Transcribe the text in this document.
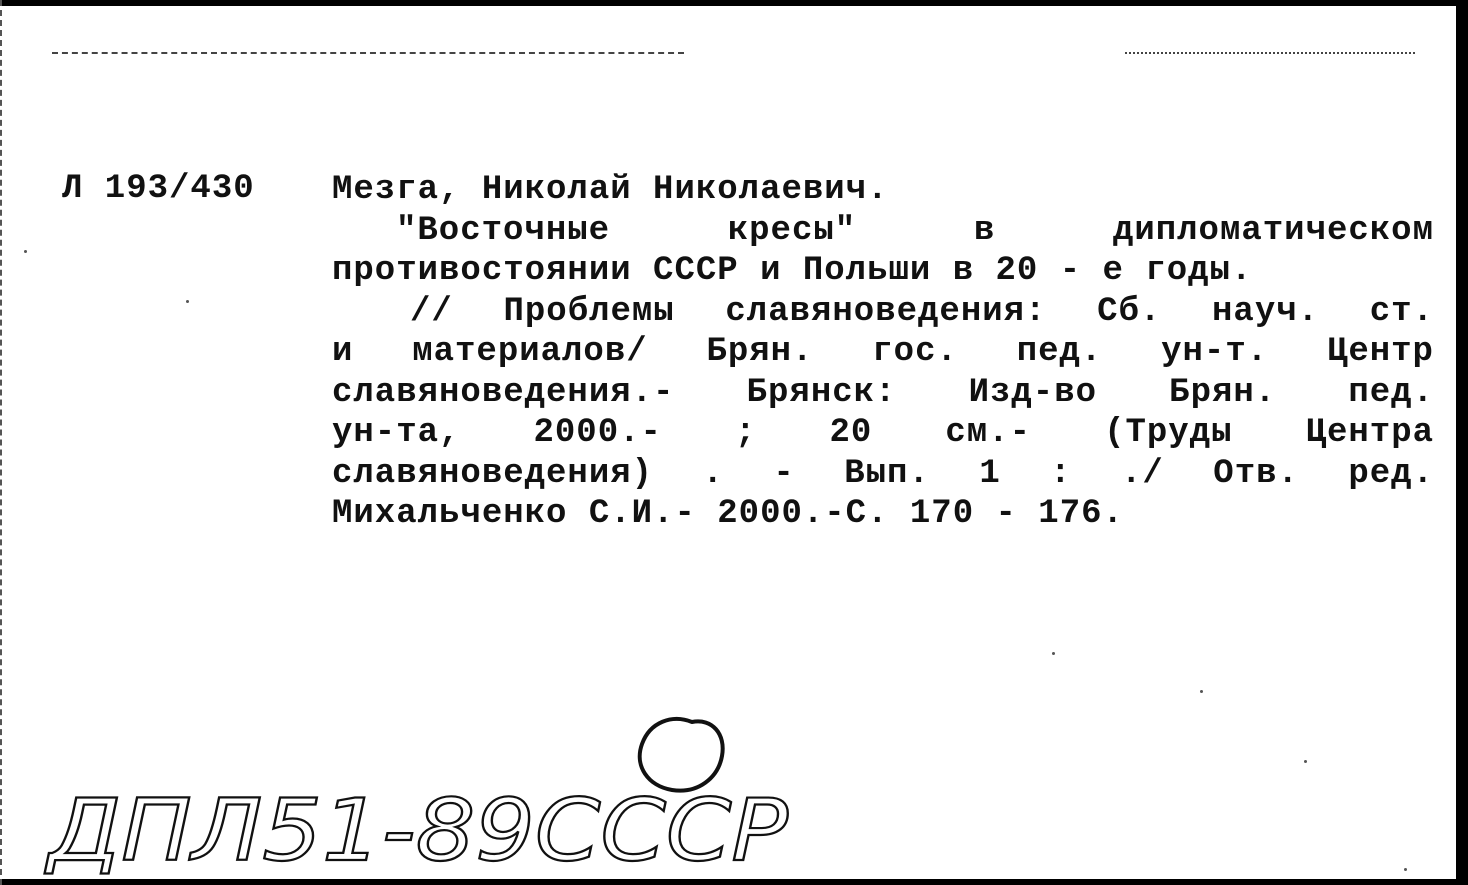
Л 193/430 Мезга, Николай Николаевич.
"Восточные	кресы"	в	дипломатическом
противостоянии СССР и Польши в 20 - е годы.
// Проблемы славяноведения: Сб. науч. ст.
и материалов/ Брян. гос. пед. ун-т. Центр
славяноведения.- Брянск: Изд-во Брян. пед.
ун-та, 2000.- ; 20 см.- (Труды Центра
славяноведения) . - Вып. 1 : ./ Отв. ред.
Михальченко С.И.- 2000.-С. 170 - 176.
ДПЛ51-89СССР
